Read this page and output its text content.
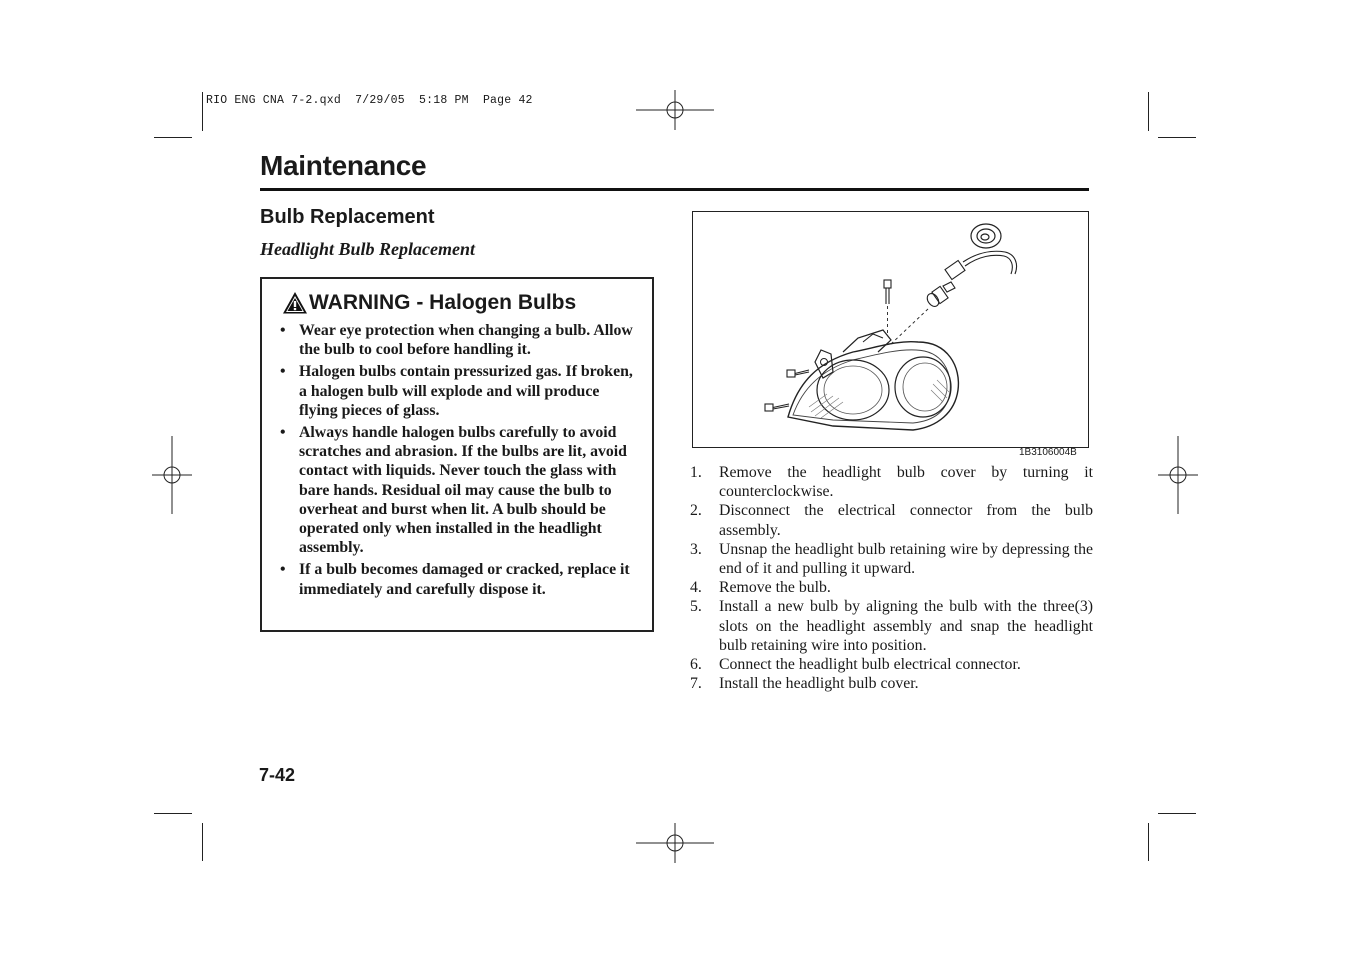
RIO ENG CNA 7-2.qxd  7/29/05  5:18 PM  Page 42
Maintenance
Bulb Replacement
Headlight Bulb Replacement
WARNING - Halogen Bulbs
• Wear eye protection when changing a bulb. Allow the bulb to cool before handling it.
• Halogen bulbs contain pressurized gas. If broken, a halogen bulb will explode and will produce flying pieces of glass.
• Always handle halogen bulbs carefully to avoid scratches and abrasion. If the bulbs are lit, avoid contact with liquids. Never touch the glass with bare hands. Residual oil may cause the bulb to overheat and burst when lit. A bulb should be operated only when installed in the headlight assembly.
• If a bulb becomes damaged or cracked, replace it immediately and carefully dispose it.
1B3106004B
1. Remove the headlight bulb cover by turning it counterclockwise.
2. Disconnect the electrical connector from the bulb assembly.
3. Unsnap the headlight bulb retaining wire by depressing the end of it and pulling it upward.
4. Remove the bulb.
5. Install a new bulb by aligning the bulb with the three(3) slots on the headlight assembly and snap the headlight bulb retaining wire into position.
6. Connect the headlight bulb electrical connector.
7. Install the headlight bulb cover.
7-42
